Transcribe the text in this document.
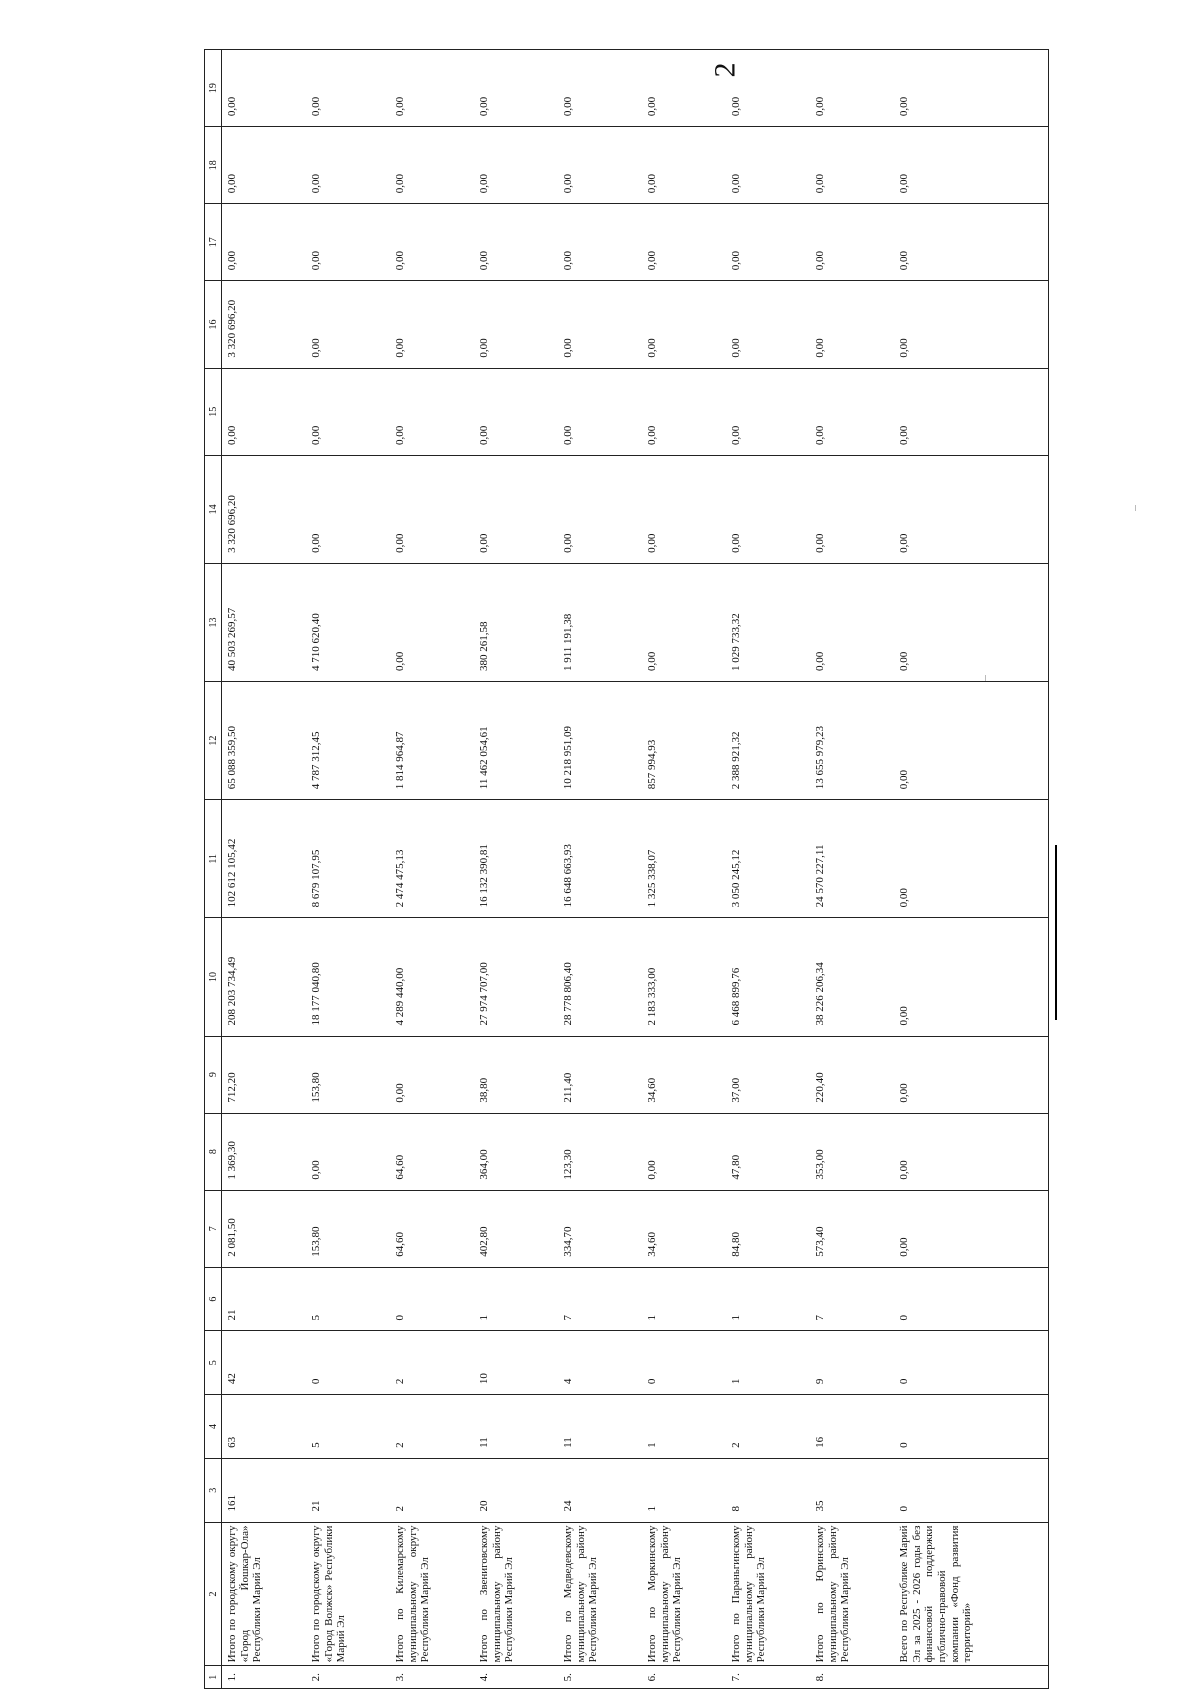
2
1	2	3	4	5	6	7	8	9	10	11	12	13	14	15	16	17	18	19
1.	Итого по городскому округу «Город Йошкар-Ола» Республики Марий Эл	161	63	42	21	2 081,50	1 369,30	712,20	208 203 734,49	102 612 105,42	65 088 359,50	40 503 269,57	3 320 696,20	0,00	3 320 696,20	0,00	0,00	0,00
2.	Итого по городскому округу «Город Волжск» Республики Марий Эл	21	5	0	5	153,80	0,00	153,80	18 177 040,80	8 679 107,95	4 787 312,45	4 710 620,40	0,00	0,00	0,00	0,00	0,00	0,00
3.	Итого по Килемарскому муниципальному округу Республики Марий Эл	2	2	2	0	64,60	64,60	0,00	4 289 440,00	2 474 475,13	1 814 964,87	0,00	0,00	0,00	0,00	0,00	0,00	0,00
4.	Итого по Звениговскому муниципальному району Республики Марий Эл	20	11	10	1	402,80	364,00	38,80	27 974 707,00	16 132 390,81	11 462 054,61	380 261,58	0,00	0,00	0,00	0,00	0,00	0,00
5.	Итого по Медведевскому муниципальному району Республики Марий Эл	24	11	4	7	334,70	123,30	211,40	28 778 806,40	16 648 663,93	10 218 951,09	1 911 191,38	0,00	0,00	0,00	0,00	0,00	0,00
6.	Итого по Моркинскому муниципальному району Республики Марий Эл	1	1	0	1	34,60	0,00	34,60	2 183 333,00	1 325 338,07	857 994,93	0,00	0,00	0,00	0,00	0,00	0,00	0,00
7.	Итого по Параньгинскому муниципальному району Республики Марий Эл	8	2	1	1	84,80	47,80	37,00	6 468 899,76	3 050 245,12	2 388 921,32	1 029 733,32	0,00	0,00	0,00	0,00	0,00	0,00
8.	Итого по Юринскому муниципальному району Республики Марий Эл	35	16	9	7	573,40	353,00	220,40	38 226 206,34	24 570 227,11	13 655 979,23	0,00	0,00	0,00	0,00	0,00	0,00	0,00
	Всего по Республике Марий Эл за 2025 - 2026 годы без финансовой поддержки публично-правовой компании «Фонд развития территорий»	0	0	0	0	0,00	0,00	0,00	0,00	0,00	0,00	0,00	0,00	0,00	0,00	0,00	0,00	0,00
